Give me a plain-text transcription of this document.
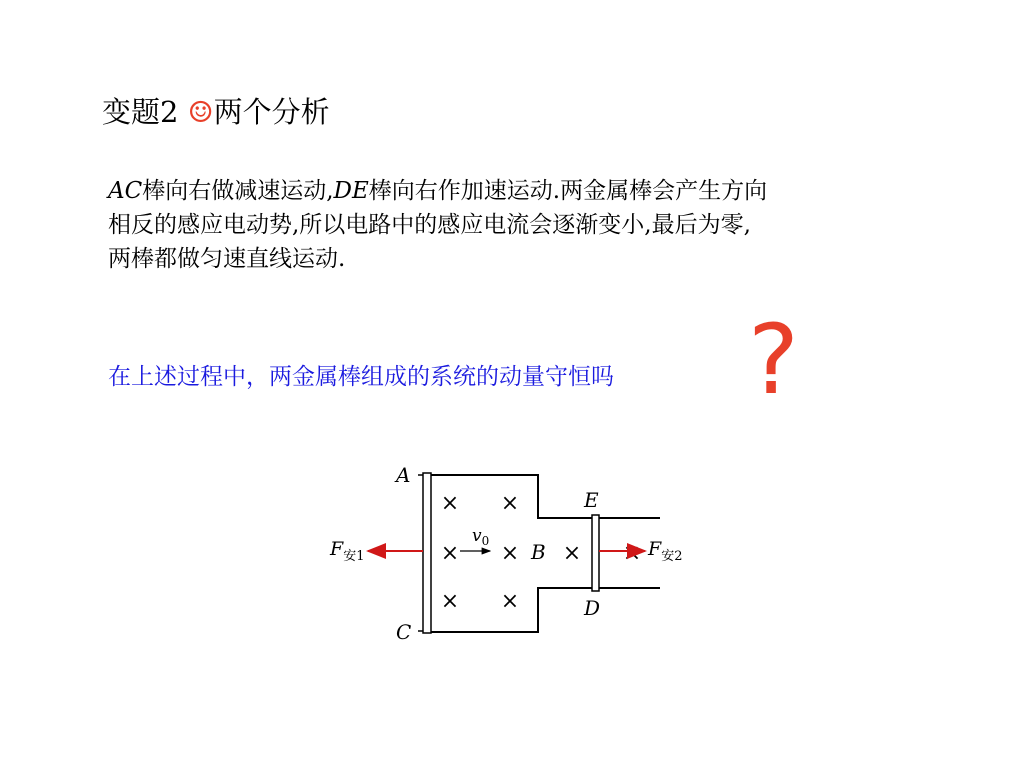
变题2 ☺两个分析
AC棒向右做减速运动,DE棒向右作加速运动.两金属棒会产生方向
相反的感应电动势,所以电路中的感应电流会逐渐变小,最后为零,
两棒都做匀速直线运动.
在上述过程中，两金属棒组成的系统的动量守恒吗 ?
× ×
× × × ×
× ×
$v_0$
A
C
E
D
B
$F_{安1}$	$F_{安2}$
